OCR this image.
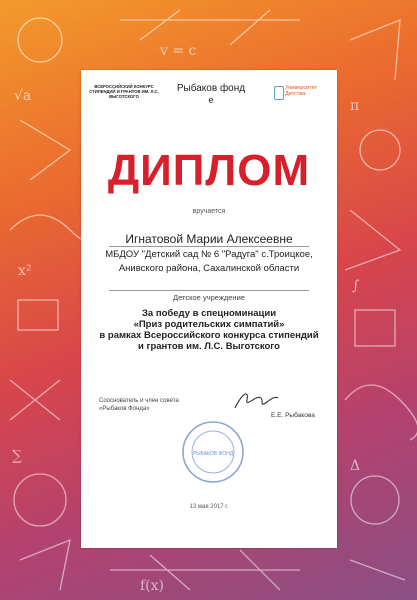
√a
x²
∑
π
∫
Δ
v = c
f(x)
ВСЕРОССИЙСКИЙ КОНКУРС СТИПЕНДИЙ И ГРАНТОВ ИМ. Л.С. ВЫГОТСКОГО
Рыбаков фонд
е
Университет Детства
ДИПЛОМ
вручается
Игнатовой Марии Алексеевне
МБДОУ "Детский сад № 6 "Радуга" с.Троицкое,
Анивского района, Сахалинской области
Детское учреждение
За победу в спецноминации
«Приз родительских симпатий»
в рамках Всероссийского конкурса стипендий
и грантов им. Л.С. Выготского
Сооснователь и член совета
«Рыбаков Фонда»
Е.Е. Рыбакова
РЫБАКОВ ФОНД
13 мая 2017 г.
